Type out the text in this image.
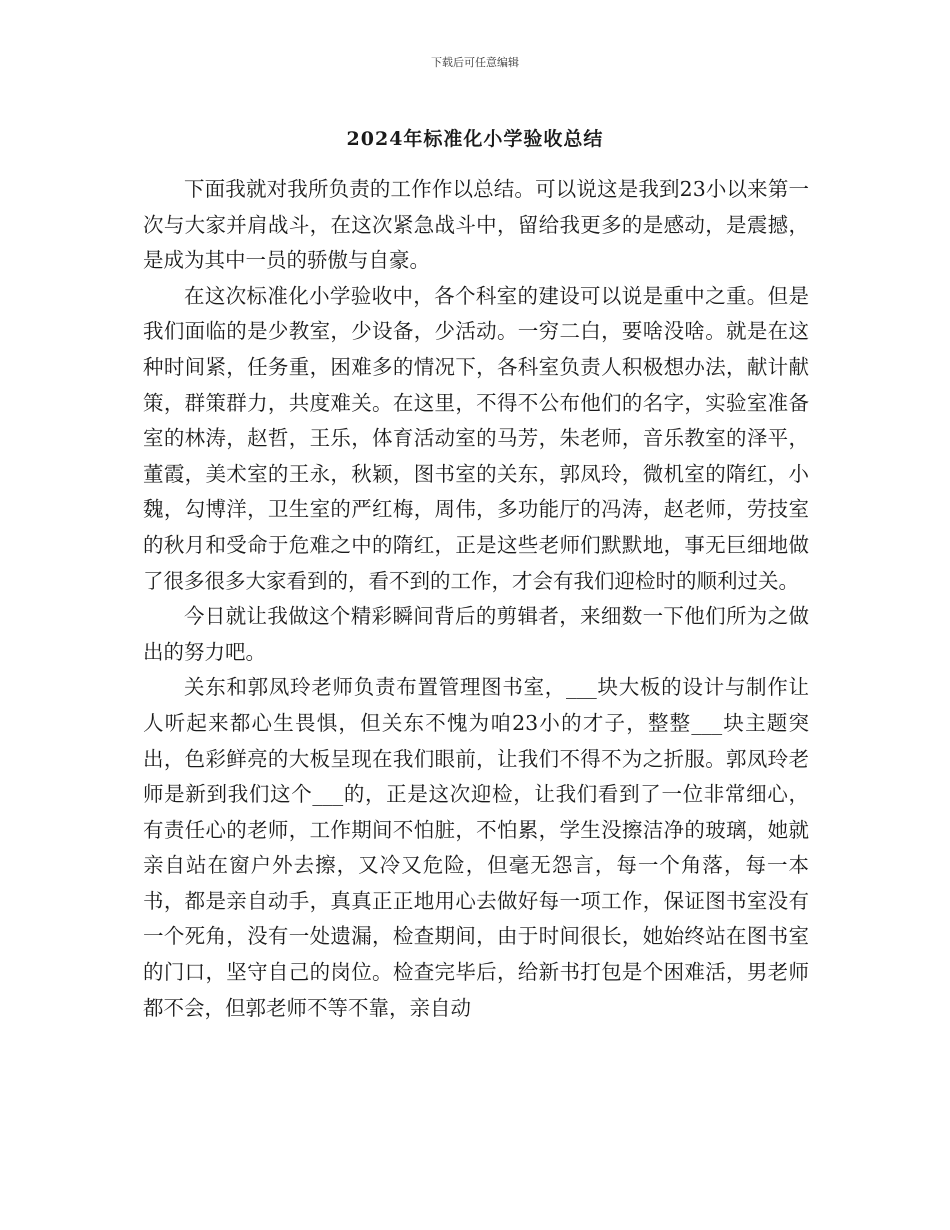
下载后可任意编辑
2024年标准化小学验收总结

下面我就对我所负责的工作作以总结。可以说这是我到23小以来第一次与大家并肩战斗，在这次紧急战斗中，留给我更多的是感动，是震撼，是成为其中一员的骄傲与自豪。

在这次标准化小学验收中，各个科室的建设可以说是重中之重。但是我们面临的是少教室，少设备，少活动。一穷二白，要啥没啥。就是在这种时间紧，任务重，困难多的情况下，各科室负责人积极想办法，献计献策，群策群力，共度难关。在这里，不得不公布他们的名字，实验室准备室的林涛，赵哲，王乐，体育活动室的马芳，朱老师，音乐教室的泽平，董霞，美术室的王永，秋颖，图书室的关东，郭凤玲，微机室的隋红，小魏，勾博洋，卫生室的严红梅，周伟，多功能厅的冯涛，赵老师，劳技室的秋月和受命于危难之中的隋红，正是这些老师们默默地，事无巨细地做了很多很多大家看到的，看不到的工作，才会有我们迎检时的顺利过关。

今日就让我做这个精彩瞬间背后的剪辑者，来细数一下他们所为之做出的努力吧。

关东和郭凤玲老师负责布置管理图书室，___块大板的设计与制作让人听起来都心生畏惧，但关东不愧为咱23小的才子，整整___块主题突出，色彩鲜亮的大板呈现在我们眼前，让我们不得不为之折服。郭凤玲老师是新到我们这个___的，正是这次迎检，让我们看到了一位非常细心，有责任心的老师，工作期间不怕脏，不怕累，学生没擦洁净的玻璃，她就亲自站在窗户外去擦，又冷又危险，但毫无怨言，每一个角落，每一本书，都是亲自动手，真真正正地用心去做好每一项工作，保证图书室没有一个死角，没有一处遗漏，检查期间，由于时间很长，她始终站在图书室的门口，坚守自己的岗位。检查完毕后，给新书打包是个困难活，男老师都不会，但郭老师不等不靠，亲自动
